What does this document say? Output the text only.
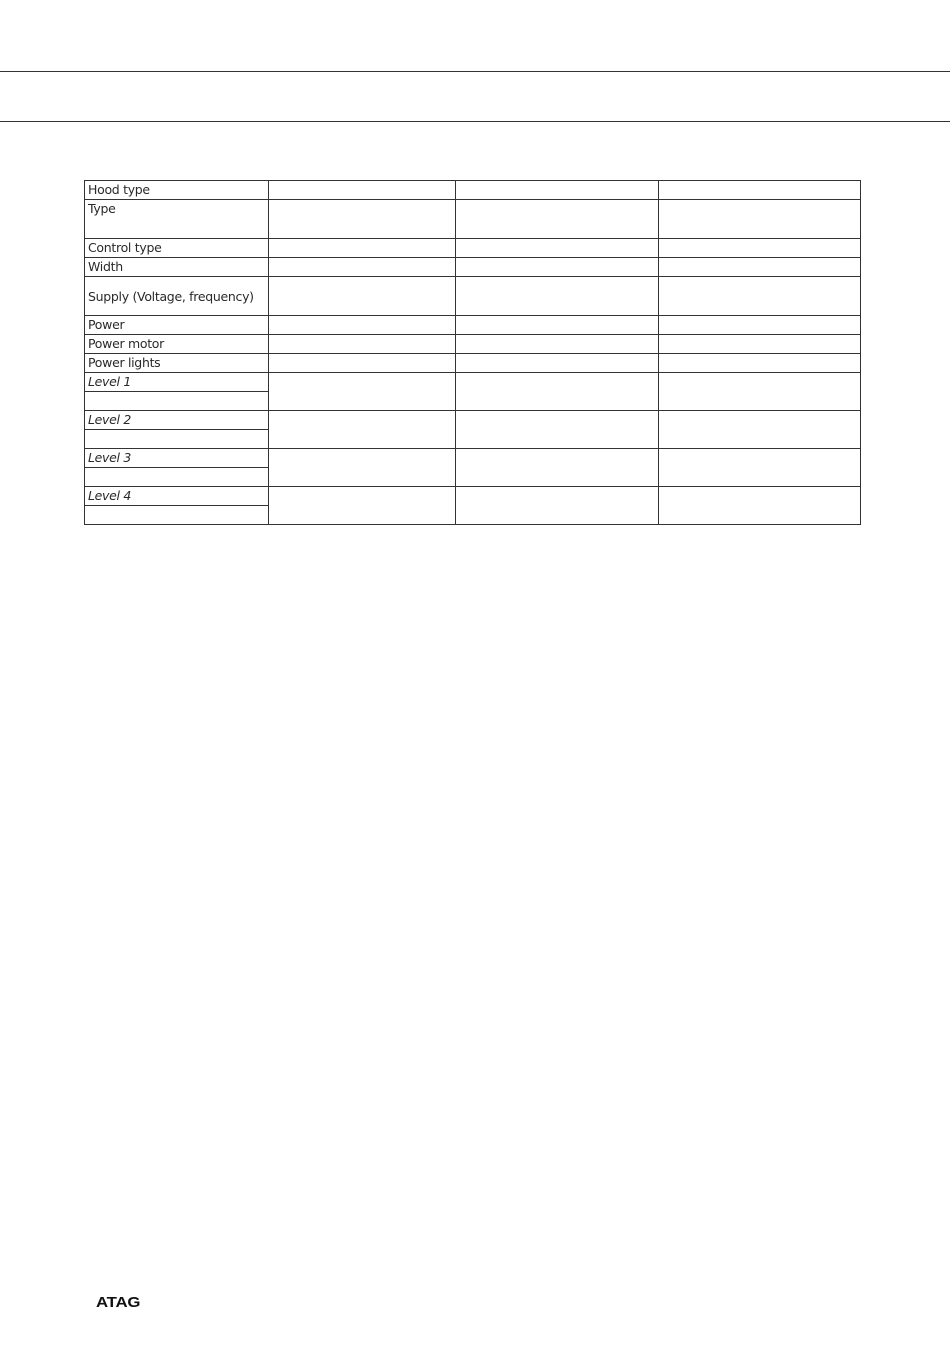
Hood type			
Type			
Control type			
Width			
Supply (Voltage, frequency)			
Power			
Power motor			
Power lights			
Level 1			

Level 2			

Level 3			

Level 4			

ATAG
